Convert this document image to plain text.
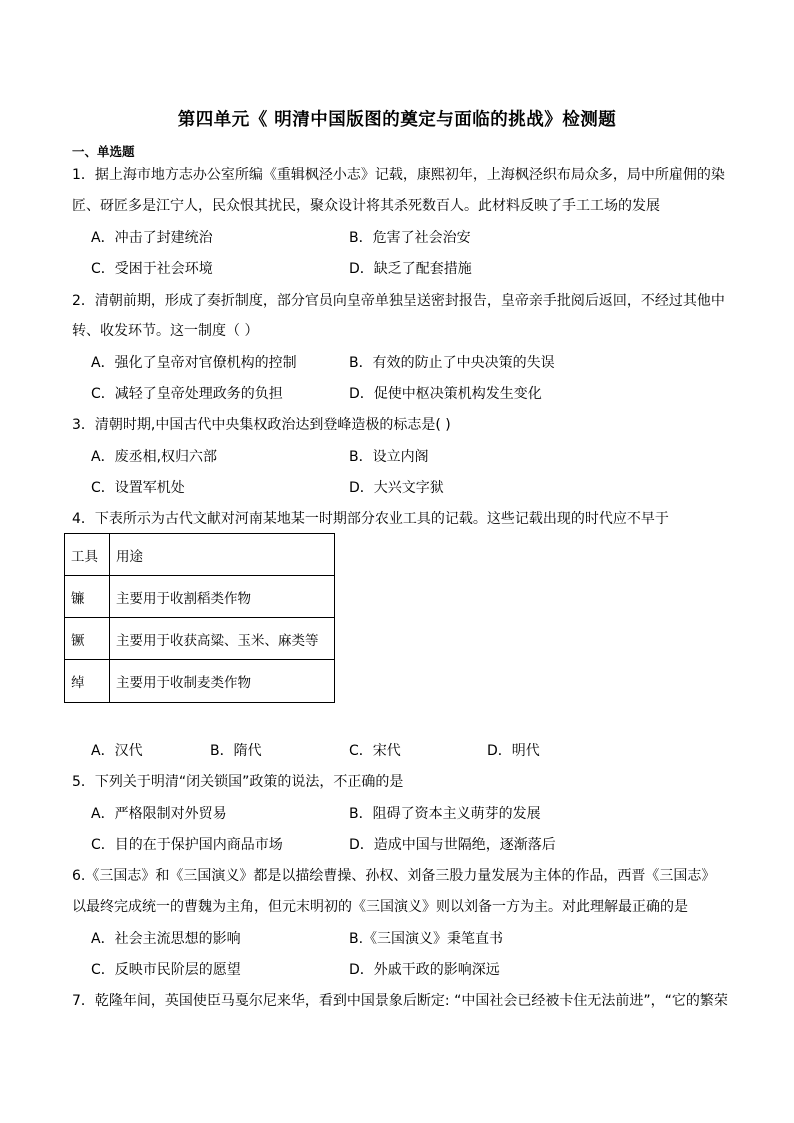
第四单元《 明清中国版图的奠定与面临的挑战》检测题
一、单选题
1．据上海市地方志办公室所编《重辑枫泾小志》记载，康熙初年，上海枫泾织布局众多，局中所雇佣的染
匠、砑匠多是江宁人，民众恨其扰民，聚众设计将其杀死数百人。此材料反映了手工工场的发展
A．冲击了封建统治	B．危害了社会治安
C．受困于社会环境	D．缺乏了配套措施
2．清朝前期，形成了奏折制度，部分官员向皇帝单独呈送密封报告，皇帝亲手批阅后返回，不经过其他中
转、收发环节。这一制度（ ）
A．强化了皇帝对官僚机构的控制	B．有效的防止了中央决策的失误
C．减轻了皇帝处理政务的负担	D．促使中枢决策机构发生变化
3．清朝时期,中国古代中央集权政治达到登峰造极的标志是( )
A．废丞相,权归六部	B．设立内阁
C．设置军机处	D．大兴文字狱
4．下表所示为古代文献对河南某地某一时期部分农业工具的记载。这些记载出现的时代应不早于
工具	用途
镰	主要用于收割稻类作物
镢	主要用于收获高粱、玉米、麻类等
绰	主要用于收制麦类作物
A．汉代	B．隋代	C．宋代	D．明代
5．下列关于明清“闭关锁国”政策的说法，不正确的是
A．严格限制对外贸易	B．阻碍了资本主义萌芽的发展
C．目的在于保护国内商品市场	D．造成中国与世隔绝，逐渐落后
6.《三国志》和《三国演义》都是以描绘曹操、孙权、刘备三股力量发展为主体的作品，西晋《三国志》
以最终完成统一的曹魏为主角，但元末明初的《三国演义》则以刘备一方为主。对此理解最正确的是
A．社会主流思想的影响	B.《三国演义》秉笔直书
C．反映市民阶层的愿望	D．外戚干政的影响深远
7．乾隆年间，英国使臣马戛尔尼来华，看到中国景象后断定: “中国社会已经被卡住无法前进”，“它的繁荣
